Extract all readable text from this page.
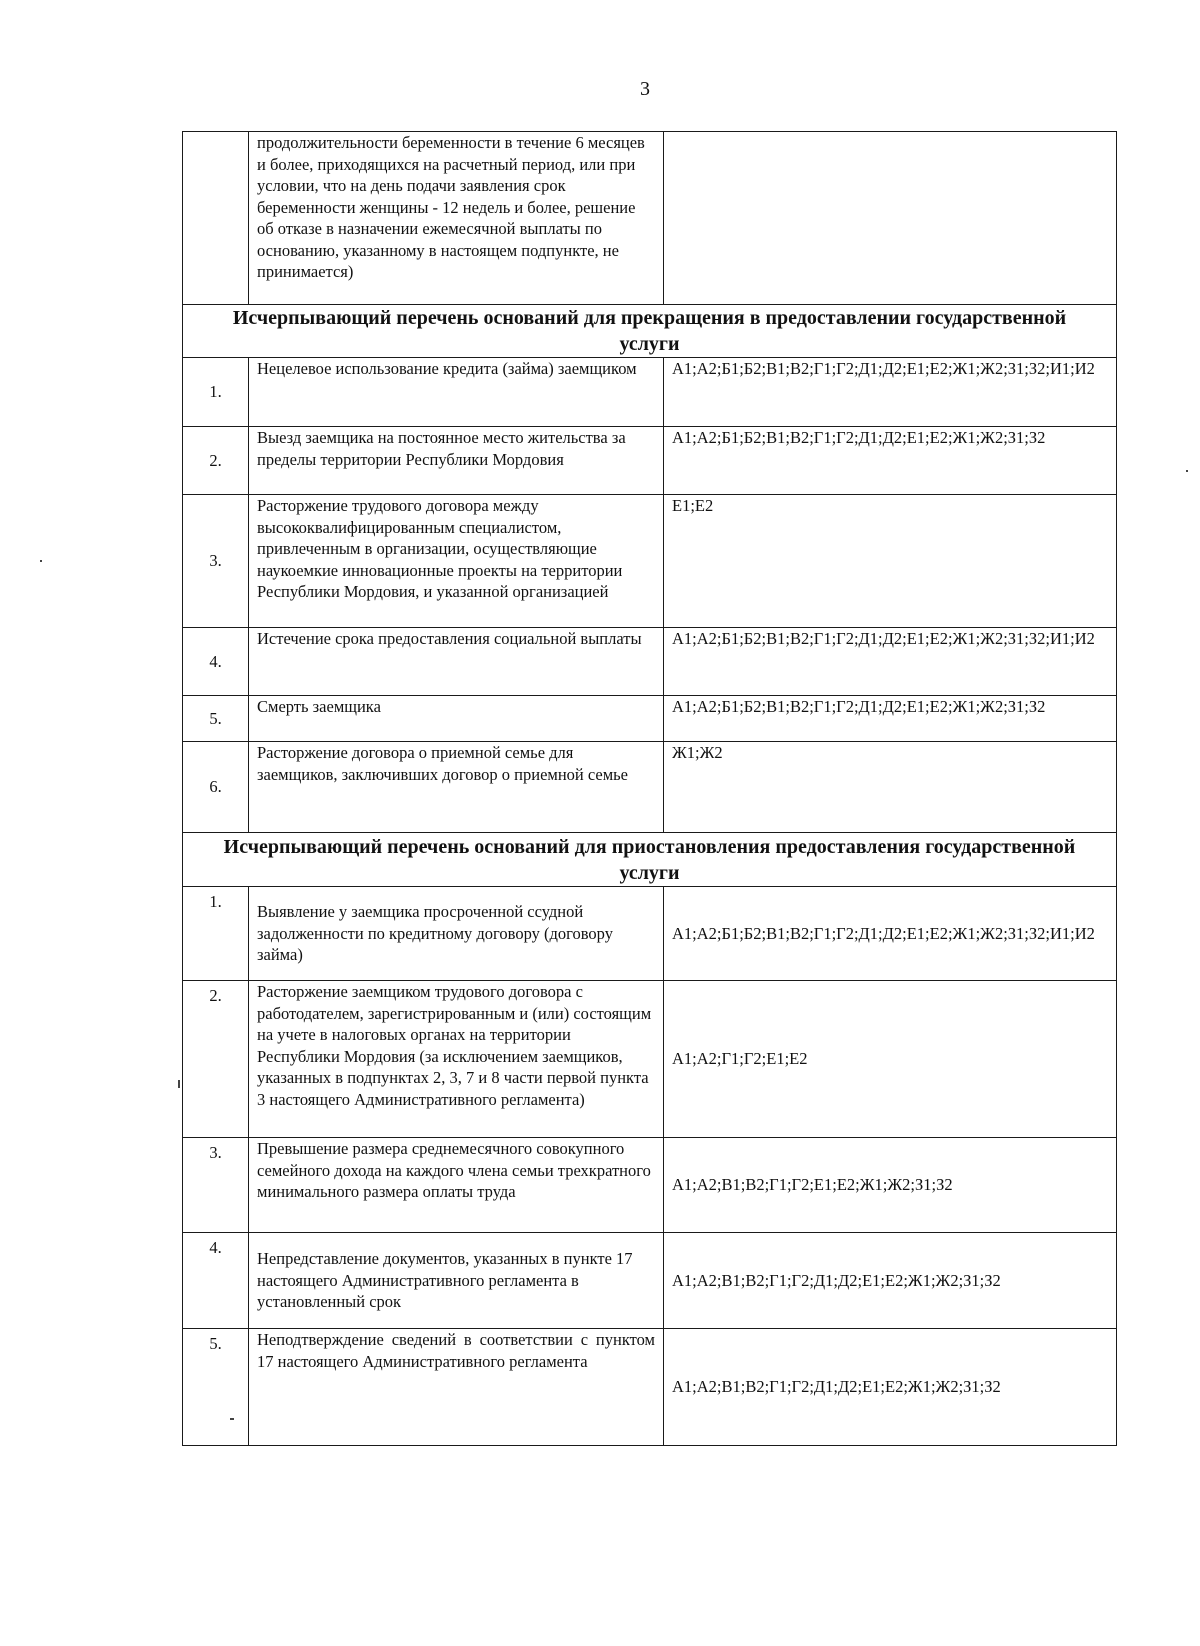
3
	продолжительности беременности в течение 6 месяцев и более, приходящихся на расчетный период, или при условии, что на день подачи заявления срок беременности женщины - 12 недель и более, решение об отказе в назначении ежемесячной выплаты по основанию, указанному в настоящем подпункте, не принимается)	
Исчерпывающий перечень оснований для прекращения в предоставлении государственной услуги		
1.	Нецелевое использование кредита (займа) заемщиком	А1;А2;Б1;Б2;В1;В2;Г1;Г2;Д1;Д2;Е1;Е2;Ж1;Ж2;З1;З2;И1;И2
2.	Выезд заемщика на постоянное место жительства за пределы территории Республики Мордовия	А1;А2;Б1;Б2;В1;В2;Г1;Г2;Д1;Д2;Е1;Е2;Ж1;Ж2;З1;З2
3.	Расторжение трудового договора между высококвалифицированным специалистом, привлеченным в организации, осуществляющие наукоемкие инновационные проекты на территории Республики Мордовия, и указанной организацией	Е1;Е2
4.	Истечение срока предоставления социальной выплаты	А1;А2;Б1;Б2;В1;В2;Г1;Г2;Д1;Д2;Е1;Е2;Ж1;Ж2;З1;З2;И1;И2
5.	Смерть заемщика	А1;А2;Б1;Б2;В1;В2;Г1;Г2;Д1;Д2;Е1;Е2;Ж1;Ж2;З1;З2
6.	Расторжение договора о приемной семье для заемщиков, заключивших договор о приемной семье	Ж1;Ж2
Исчерпывающий перечень оснований для приостановления предоставления государственной услуги		
1.	Выявление у заемщика просроченной ссудной задолженности по кредитному договору (договору займа)	А1;А2;Б1;Б2;В1;В2;Г1;Г2;Д1;Д2;Е1;Е2;Ж1;Ж2;З1;З2;И1;И2
2.	Расторжение заемщиком трудового договора с работодателем, зарегистрированным и (или) состоящим на учете в налоговых органах на территории Республики Мордовия (за исключением заемщиков, указанных в подпунктах 2, 3, 7 и 8 части первой пункта 3 настоящего Административного регламента)	А1;А2;Г1;Г2;Е1;Е2
3.	Превышение размера среднемесячного совокупного семейного дохода на каждого члена семьи трехкратного минимального размера оплаты труда	А1;А2;В1;В2;Г1;Г2;Е1;Е2;Ж1;Ж2;З1;З2
4.	Непредставление документов, указанных в пункте 17 настоящего Административного регламента в установленный срок	А1;А2;В1;В2;Г1;Г2;Д1;Д2;Е1;Е2;Ж1;Ж2;З1;З2
5.	Неподтверждение сведений в соответствии с пунктом 17 настоящего Административного регламента	А1;А2;В1;В2;Г1;Г2;Д1;Д2;Е1;Е2;Ж1;Ж2;З1;З2
